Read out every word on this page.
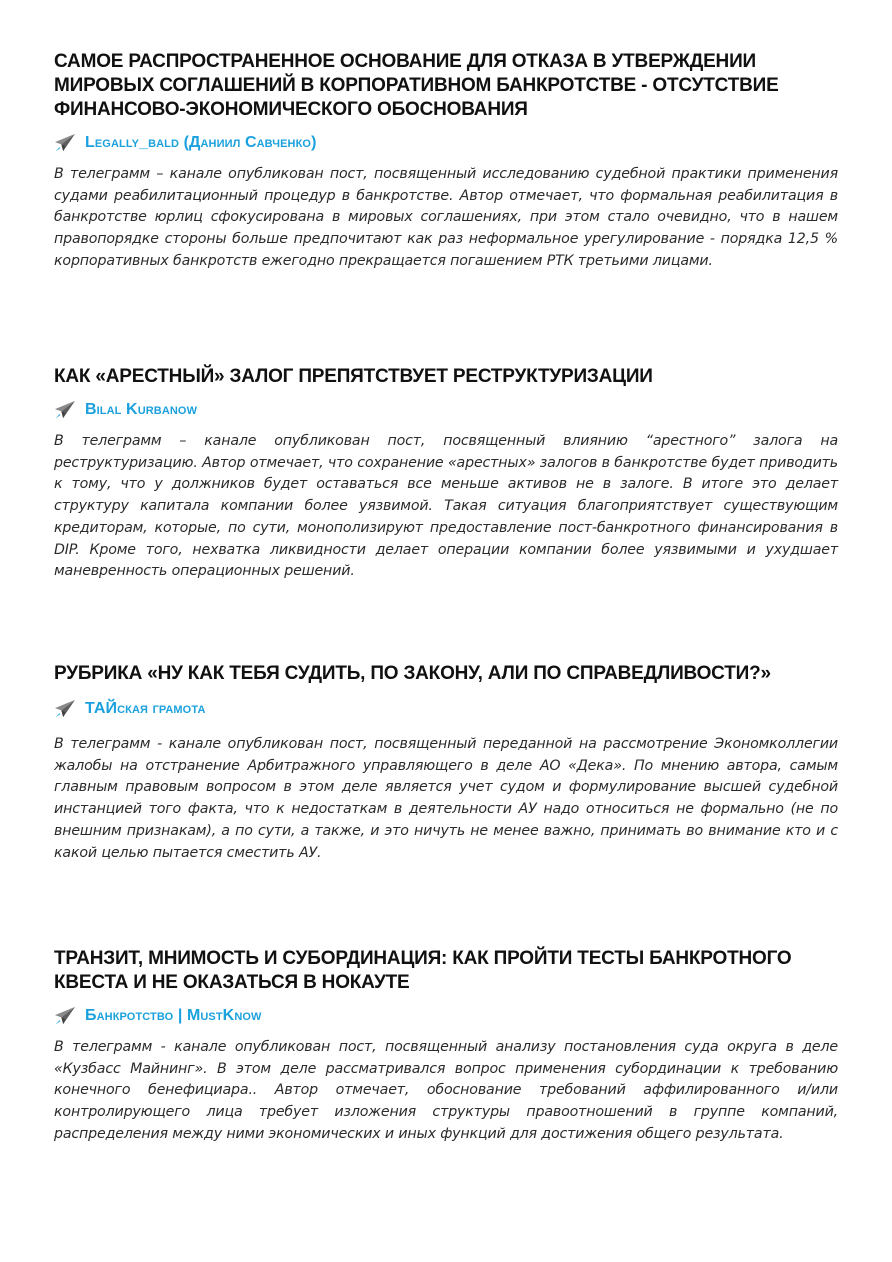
САМОЕ РАСПРОСТРАНЕННОЕ ОСНОВАНИЕ ДЛЯ ОТКАЗА В УТВЕРЖДЕНИИ МИРОВЫХ СОГЛАШЕНИЙ В КОРПОРАТИВНОМ БАНКРОТСТВЕ - ОТСУТСТВИЕ ФИНАНСОВО-ЭКОНОМИЧЕСКОГО ОБОСНОВАНИЯ
Legally_bald (Даниил Савченко)

В телеграмм – канале опубликован пост, посвященный исследованию судебной практики применения судами реабилитационный процедур в банкротстве. Автор отмечает, что формальная реабилитация в банкротстве юрлиц сфокусирована в мировых соглашениях, при этом стало очевидно, что в нашем правопорядке стороны больше предпочитают как раз неформальное урегулирование - порядка 12,5 % корпоративных банкротств ежегодно прекращается погашением РТК третьими лицами.

КАК «АРЕСТНЫЙ» ЗАЛОГ ПРЕПЯТСТВУЕТ РЕСТРУКТУРИЗАЦИИ
Bilal Kurbanow

В телеграмм – канале опубликован пост, посвященный влиянию “арестного” залога на реструктуризацию. Автор отмечает, что сохранение «арестных» залогов в банкротстве будет приводить к тому, что у должников будет оставаться все меньше активов не в залоге. В итоге это делает структуру капитала компании более уязвимой. Такая ситуация благоприятствует существующим кредиторам, которые, по сути, монополизируют предоставление пост-банкротного финансирования в DIP. Кроме того, нехватка ликвидности делает операции компании более уязвимыми и ухудшает маневренность операционных решений.

РУБРИКА «НУ КАК ТЕБЯ СУДИТЬ, ПО ЗАКОНУ, АЛИ ПО СПРАВЕДЛИВОСТИ?»
ТАЙская грамота

В телеграмм - канале опубликован пост, посвященный переданной на рассмотрение Экономколлегии жалобы на отстранение Арбитражного управляющего в деле АО «Дека». По мнению автора, самым главным правовым вопросом в этом деле является учет судом и формулирование высшей судебной инстанцией того факта, что к недостаткам в деятельности АУ надо относиться не формально (не по внешним признакам), а по сути, а также, и это ничуть не менее важно, принимать во внимание кто и с какой целью пытается сместить АУ.

ТРАНЗИТ, МНИМОСТЬ И СУБОРДИНАЦИЯ: КАК ПРОЙТИ ТЕСТЫ БАНКРОТНОГО КВЕСТА И НЕ ОКАЗАТЬСЯ В НОКАУТЕ
Банкротство | MustKnow

В телеграмм - канале опубликован пост, посвященный анализу постановления суда округа в деле «Кузбасс Майнинг». В этом деле рассматривался вопрос применения субординации к требованию конечного бенефициара.. Автор отмечает, обоснование требований аффилированного и/или контролирующего лица требует изложения структуры правоотношений в группе компаний, распределения между ними экономических и иных функций для достижения общего результата.
